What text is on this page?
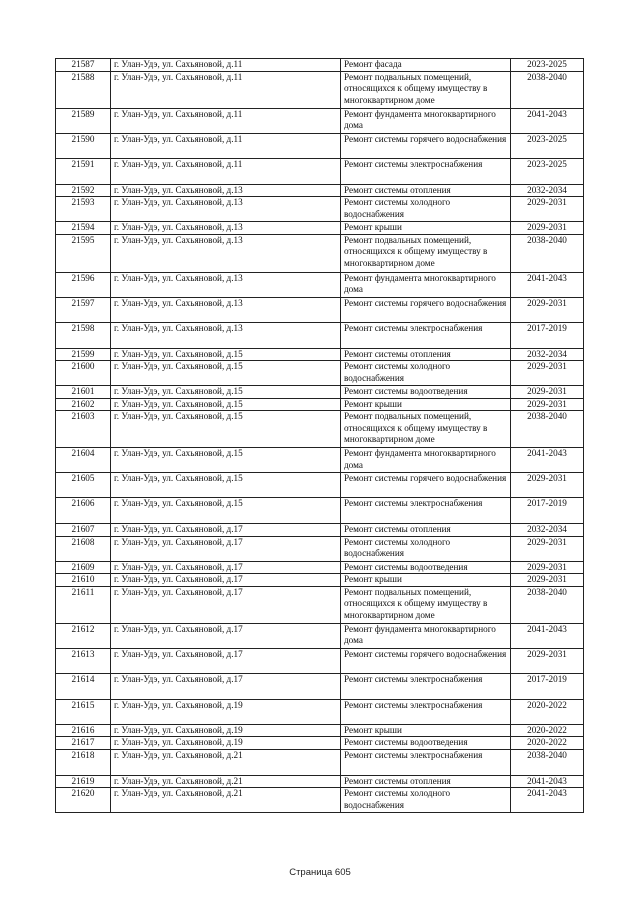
21587	г. Улан-Удэ, ул. Сахьяновой, д.11	Ремонт фасада	2023-2025
21588	г. Улан-Удэ, ул. Сахьяновой, д.11	Ремонт подвальных помещений, относящихся к общему имуществу в многоквартирном доме	2038-2040
21589	г. Улан-Удэ, ул. Сахьяновой, д.11	Ремонт фундамента многоквартирного дома	2041-2043
21590	г. Улан-Удэ, ул. Сахьяновой, д.11	Ремонт системы горячего водоснабжения	2023-2025
21591	г. Улан-Удэ, ул. Сахьяновой, д.11	Ремонт системы электроснабжения	2023-2025
21592	г. Улан-Удэ, ул. Сахьяновой, д.13	Ремонт системы отопления	2032-2034
21593	г. Улан-Удэ, ул. Сахьяновой, д.13	Ремонт системы холодного водоснабжения	2029-2031
21594	г. Улан-Удэ, ул. Сахьяновой, д.13	Ремонт крыши	2029-2031
21595	г. Улан-Удэ, ул. Сахьяновой, д.13	Ремонт подвальных помещений, относящихся к общему имуществу в многоквартирном доме	2038-2040
21596	г. Улан-Удэ, ул. Сахьяновой, д.13	Ремонт фундамента многоквартирного дома	2041-2043
21597	г. Улан-Удэ, ул. Сахьяновой, д.13	Ремонт системы горячего водоснабжения	2029-2031
21598	г. Улан-Удэ, ул. Сахьяновой, д.13	Ремонт системы электроснабжения	2017-2019
21599	г. Улан-Удэ, ул. Сахьяновой, д.15	Ремонт системы отопления	2032-2034
21600	г. Улан-Удэ, ул. Сахьяновой, д.15	Ремонт системы холодного водоснабжения	2029-2031
21601	г. Улан-Удэ, ул. Сахьяновой, д.15	Ремонт системы водоотведения	2029-2031
21602	г. Улан-Удэ, ул. Сахьяновой, д.15	Ремонт крыши	2029-2031
21603	г. Улан-Удэ, ул. Сахьяновой, д.15	Ремонт подвальных помещений, относящихся к общему имуществу в многоквартирном доме	2038-2040
21604	г. Улан-Удэ, ул. Сахьяновой, д.15	Ремонт фундамента многоквартирного дома	2041-2043
21605	г. Улан-Удэ, ул. Сахьяновой, д.15	Ремонт системы горячего водоснабжения	2029-2031
21606	г. Улан-Удэ, ул. Сахьяновой, д.15	Ремонт системы электроснабжения	2017-2019
21607	г. Улан-Удэ, ул. Сахьяновой, д.17	Ремонт системы отопления	2032-2034
21608	г. Улан-Удэ, ул. Сахьяновой, д.17	Ремонт системы холодного водоснабжения	2029-2031
21609	г. Улан-Удэ, ул. Сахьяновой, д.17	Ремонт системы водоотведения	2029-2031
21610	г. Улан-Удэ, ул. Сахьяновой, д.17	Ремонт крыши	2029-2031
21611	г. Улан-Удэ, ул. Сахьяновой, д.17	Ремонт подвальных помещений, относящихся к общему имуществу в многоквартирном доме	2038-2040
21612	г. Улан-Удэ, ул. Сахьяновой, д.17	Ремонт фундамента многоквартирного дома	2041-2043
21613	г. Улан-Удэ, ул. Сахьяновой, д.17	Ремонт системы горячего водоснабжения	2029-2031
21614	г. Улан-Удэ, ул. Сахьяновой, д.17	Ремонт системы электроснабжения	2017-2019
21615	г. Улан-Удэ, ул. Сахьяновой, д.19	Ремонт системы электроснабжения	2020-2022
21616	г. Улан-Удэ, ул. Сахьяновой, д.19	Ремонт крыши	2020-2022
21617	г. Улан-Удэ, ул. Сахьяновой, д.19	Ремонт системы водоотведения	2020-2022
21618	г. Улан-Удэ, ул. Сахьяновой, д.21	Ремонт системы электроснабжения	2038-2040
21619	г. Улан-Удэ, ул. Сахьяновой, д.21	Ремонт системы отопления	2041-2043
21620	г. Улан-Удэ, ул. Сахьяновой, д.21	Ремонт системы холодного водоснабжения	2041-2043
Страница 605
